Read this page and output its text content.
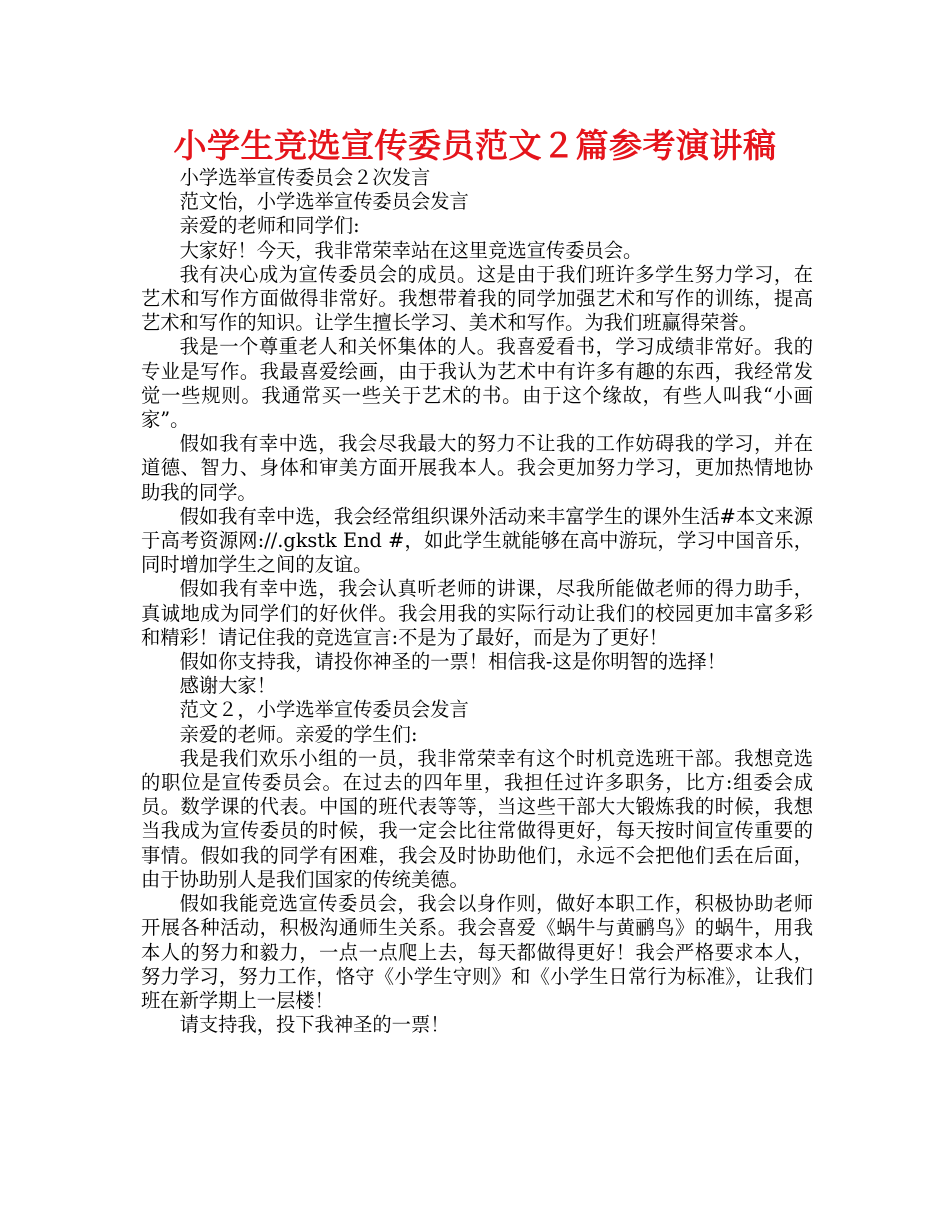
小学生竞选宣传委员范文２篇参考演讲稿

小学选举宣传委员会２次发言

范文怡，小学选举宣传委员会发言

亲爱的老师和同学们:

大家好！今天，我非常荣幸站在这里竞选宣传委员会。

我有决心成为宣传委员会的成员。这是由于我们班许多学生努力学习，在艺术和写作方面做得非常好。我想带着我的同学加强艺术和写作的训练，提高艺术和写作的知识。让学生擅长学习、美术和写作。为我们班赢得荣誉。

我是一个尊重老人和关怀集体的人。我喜爱看书，学习成绩非常好。我的专业是写作。我最喜爱绘画，由于我认为艺术中有许多有趣的东西，我经常发觉一些规则。我通常买一些关于艺术的书。由于这个缘故，有些人叫我“小画家”。

假如我有幸中选，我会尽我最大的努力不让我的工作妨碍我的学习，并在道德、智力、身体和审美方面开展我本人。我会更加努力学习，更加热情地协助我的同学。

假如我有幸中选，我会经常组织课外活动来丰富学生的课外生活#本文来源于高考资源网://.gkstk End #，如此学生就能够在高中游玩，学习中国音乐，同时增加学生之间的友谊。

假如我有幸中选，我会认真听老师的讲课，尽我所能做老师的得力助手，真诚地成为同学们的好伙伴。我会用我的实际行动让我们的校园更加丰富多彩和精彩！请记住我的竞选宣言:不是为了最好，而是为了更好！

假如你支持我，请投你神圣的一票！相信我-这是你明智的选择！

感谢大家！

范文２，小学选举宣传委员会发言

亲爱的老师。亲爱的学生们:

我是我们欢乐小组的一员，我非常荣幸有这个时机竞选班干部。我想竞选的职位是宣传委员会。在过去的四年里，我担任过许多职务，比方:组委会成员。数学课的代表。中国的班代表等等，当这些干部大大锻炼我的时候，我想当我成为宣传委员的时候，我一定会比往常做得更好，每天按时间宣传重要的事情。假如我的同学有困难，我会及时协助他们，永远不会把他们丢在后面，由于协助别人是我们国家的传统美德。

假如我能竞选宣传委员会，我会以身作则，做好本职工作，积极协助老师开展各种活动，积极沟通师生关系。我会喜爱《蜗牛与黄鹂鸟》的蜗牛，用我本人的努力和毅力，一点一点爬上去，每天都做得更好！我会严格要求本人，努力学习，努力工作，恪守《小学生守则》和《小学生日常行为标准》，让我们班在新学期上一层楼！

请支持我，投下我神圣的一票！
